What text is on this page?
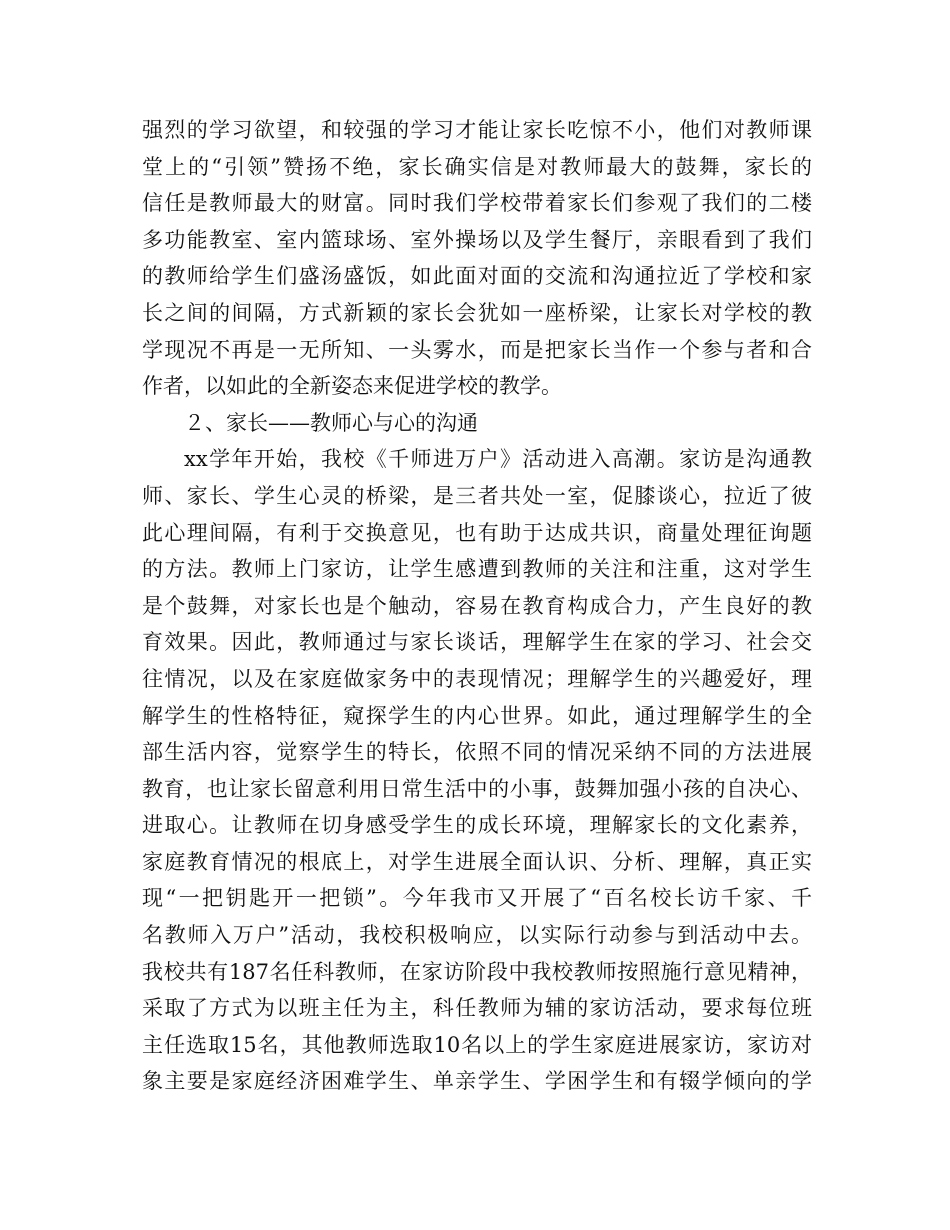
强烈的学习欲望，和较强的学习才能让家长吃惊不小，他们对教师课
堂上的“引领”赞扬不绝，家长确实信是对教师最大的鼓舞，家长的
信任是教师最大的财富。同时我们学校带着家长们参观了我们的二楼
多功能教室、室内篮球场、室外操场以及学生餐厅，亲眼看到了我们
的教师给学生们盛汤盛饭，如此面对面的交流和沟通拉近了学校和家
长之间的间隔，方式新颖的家长会犹如一座桥梁，让家长对学校的教
学现况不再是一无所知、一头雾水，而是把家长当作一个参与者和合
作者，以如此的全新姿态来促进学校的教学。
２、家长——教师心与心的沟通
xx学年开始，我校《千师进万户》活动进入高潮。家访是沟通教
师、家长、学生心灵的桥梁，是三者共处一室，促膝谈心，拉近了彼
此心理间隔，有利于交换意见，也有助于达成共识，商量处理征询题
的方法。教师上门家访，让学生感遭到教师的关注和注重，这对学生
是个鼓舞，对家长也是个触动，容易在教育构成合力，产生良好的教
育效果。因此，教师通过与家长谈话，理解学生在家的学习、社会交
往情况，以及在家庭做家务中的表现情况；理解学生的兴趣爱好，理
解学生的性格特征，窥探学生的内心世界。如此，通过理解学生的全
部生活内容，觉察学生的特长，依照不同的情况采纳不同的方法进展
教育，也让家长留意利用日常生活中的小事，鼓舞加强小孩的自决心、
进取心。让教师在切身感受学生的成长环境，理解家长的文化素养，
家庭教育情况的根底上，对学生进展全面认识、分析、理解，真正实
现“一把钥匙开一把锁”。今年我市又开展了“百名校长访千家、千
名教师入万户”活动，我校积极响应，以实际行动参与到活动中去。
我校共有187名任科教师，在家访阶段中我校教师按照施行意见精神，
采取了方式为以班主任为主，科任教师为辅的家访活动，要求每位班
主任选取15名，其他教师选取10名以上的学生家庭进展家访，家访对
象主要是家庭经济困难学生、单亲学生、学困学生和有辍学倾向的学
